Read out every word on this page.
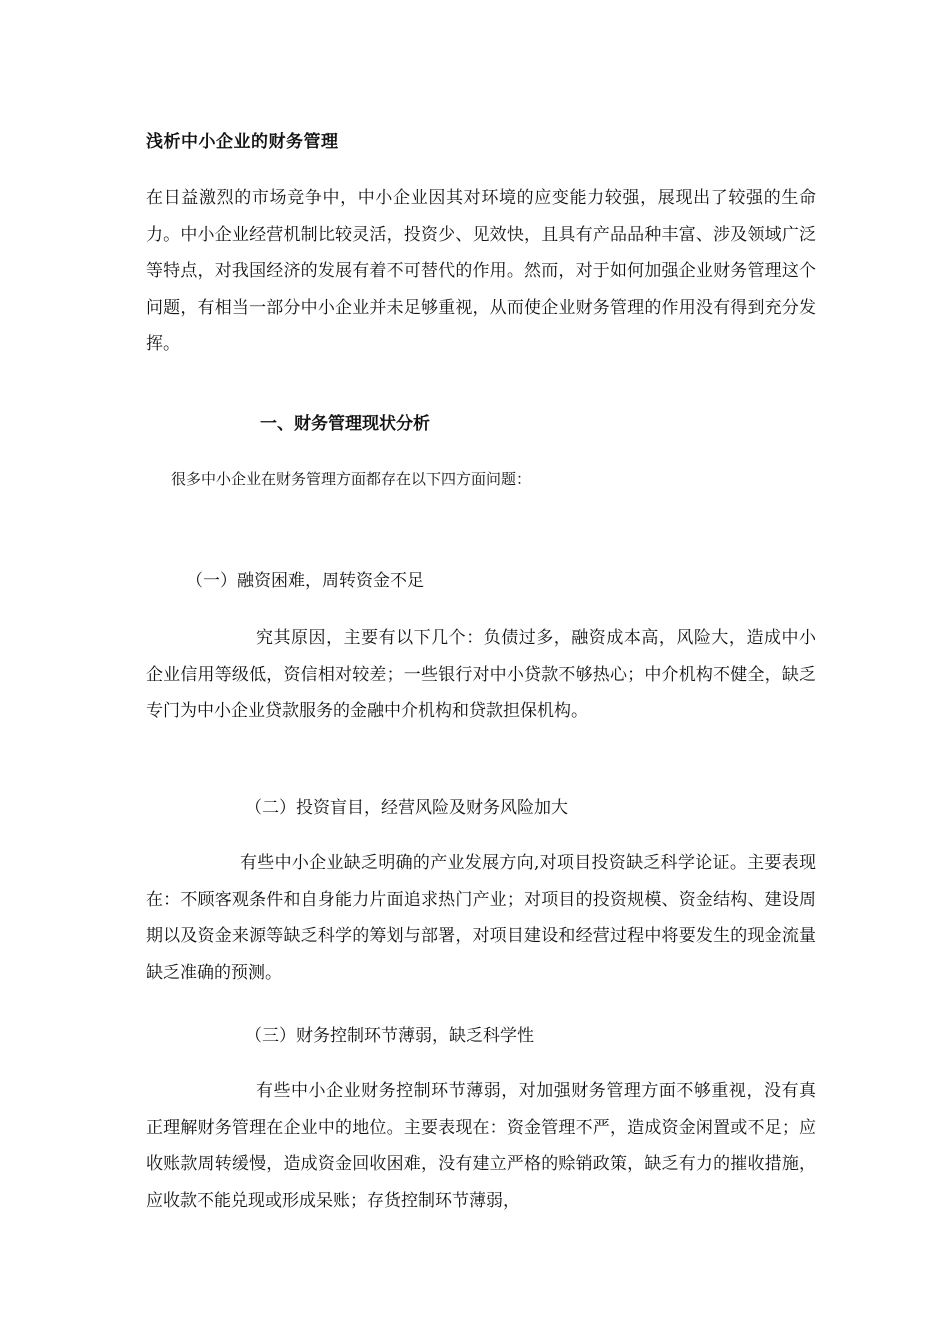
浅析中小企业的财务管理

在日益激烈的市场竞争中，中小企业因其对环境的应变能力较强，展现出了较强的生命力。中小企业经营机制比较灵活，投资少、见效快，且具有产品品种丰富、涉及领域广泛等特点，对我国经济的发展有着不可替代的作用。然而，对于如何加强企业财务管理这个问题，有相当一部分中小企业并未足够重视，从而使企业财务管理的作用没有得到充分发挥。

一、财务管理现状分析
很多中小企业在财务管理方面都存在以下四方面问题：
（一）融资困难，周转资金不足

究其原因，主要有以下几个：负债过多，融资成本高，风险大，造成中小企业信用等级低，资信相对较差；一些银行对中小贷款不够热心；中介机构不健全，缺乏专门为中小企业贷款服务的金融中介机构和贷款担保机构。

（二）投资盲目，经营风险及财务风险加大

有些中小企业缺乏明确的产业发展方向,对项目投资缺乏科学论证。主要表现在：不顾客观条件和自身能力片面追求热门产业；对项目的投资规模、资金结构、建设周期以及资金来源等缺乏科学的筹划与部署，对项目建设和经营过程中将要发生的现金流量缺乏准确的预测。

（三）财务控制环节薄弱，缺乏科学性

有些中小企业财务控制环节薄弱，对加强财务管理方面不够重视，没有真正理解财务管理在企业中的地位。主要表现在：资金管理不严，造成资金闲置或不足；应收账款周转缓慢，造成资金回收困难，没有建立严格的赊销政策，缺乏有力的摧收措施，应收款不能兑现或形成呆账；存货控制环节薄弱，
